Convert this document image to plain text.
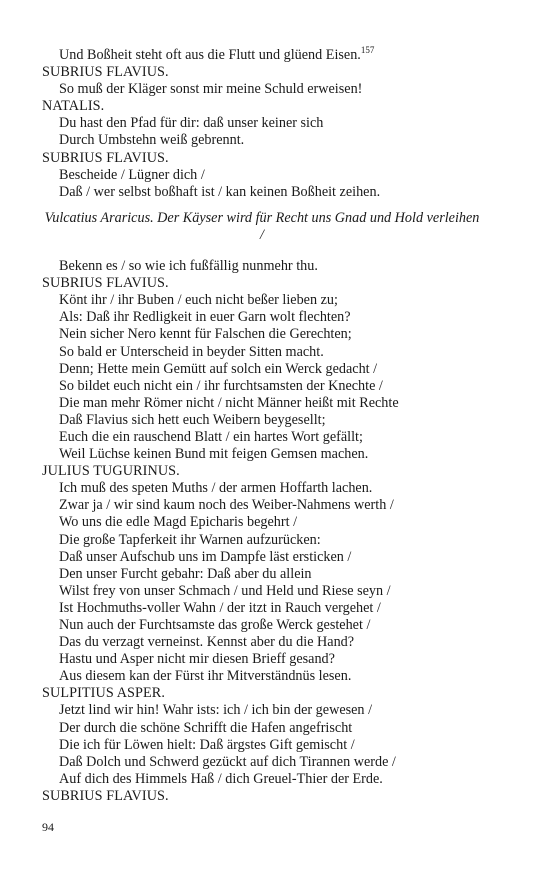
Und Boßheit steht oft aus die Flutt und glüend Eisen.$^{157}$
SUBRIUS FLAVIUS.
So muß der Kläger sonst mir meine Schuld erweisen!
NATALIS.
Du hast den Pfad für dir: daß unser keiner sich
Durch Umbstehn weiß gebrennt.
SUBRIUS FLAVIUS.
Bescheide / Lügner dich /
Daß / wer selbst boßhaft ist / kan keinen Boßheit zeihen.
Vulcatius Araricus. Der Käyser wird für Recht uns Gnad und Hold verleihen /
Bekenn es / so wie ich fußfällig nunmehr thu.
SUBRIUS FLAVIUS.
Könt ihr / ihr Buben / euch nicht beßer lieben zu;
Als: Daß ihr Redligkeit in euer Garn wolt flechten?
Nein sicher Nero kennt für Falschen die Gerechten;
So bald er Unterscheid in beyder Sitten macht.
Denn; Hette mein Gemütt auf solch ein Werck gedacht /
So bildet euch nicht ein / ihr furchtsamsten der Knechte /
Die man mehr Römer nicht / nicht Männer heißt mit Rechte
Daß Flavius sich hett euch Weibern beygesellt;
Euch die ein rauschend Blatt / ein hartes Wort gefällt;
Weil Lüchse keinen Bund mit feigen Gemsen machen.
JULIUS TUGURINUS.
Ich muß des speten Muths / der armen Hoffarth lachen.
Zwar ja / wir sind kaum noch des Weiber-Nahmens werth /
Wo uns die edle Magd Epicharis begehrt /
Die große Tapferkeit ihr Warnen aufzurücken:
Daß unser Aufschub uns im Dampfe läst ersticken /
Den unser Furcht gebahr: Daß aber du allein
Wilst frey von unser Schmach / und Held und Riese seyn /
Ist Hochmuths-voller Wahn / der itzt in Rauch vergehet /
Nun auch der Furchtsamste das große Werck gestehet /
Das du verzagt verneinst. Kennst aber du die Hand?
Hastu und Asper nicht mir diesen Brieff gesand?
Aus diesem kan der Fürst ihr Mitverständnüs lesen.
SULPITIUS ASPER.
Jetzt lind wir hin! Wahr ists: ich / ich bin der gewesen /
Der durch die schöne Schrifft die Hafen angefrischt
Die ich für Löwen hielt: Daß ärgstes Gift gemischt /
Daß Dolch und Schwerd gezückt auf dich Tirannen werde /
Auf dich des Himmels Haß / dich Greuel-Thier der Erde.
SUBRIUS FLAVIUS.
94
